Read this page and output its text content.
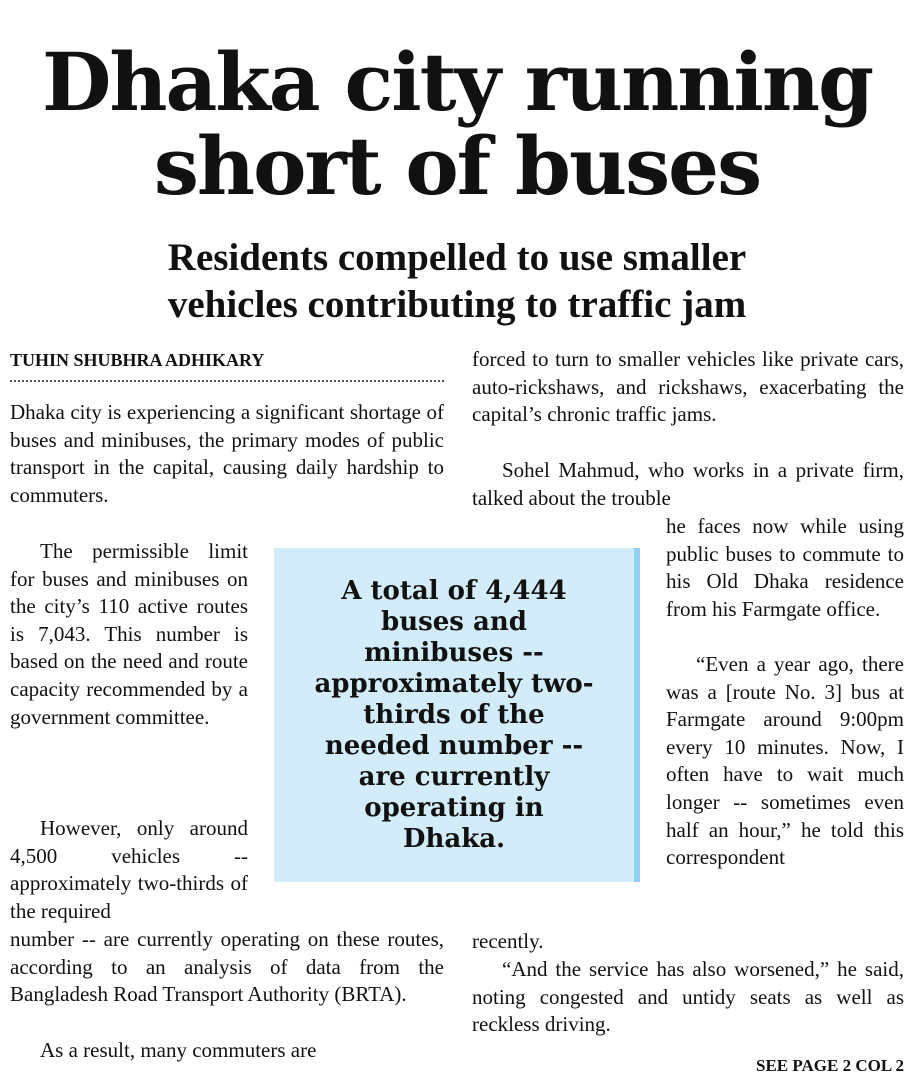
Dhaka city running
short of buses
Residents compelled to use smaller
vehicles contributing to traffic jam
TUHIN SHUBHRA ADHIKARY

Dhaka city is experiencing a significant shortage of buses and minibuses, the primary modes of public transport in the capital, causing daily hardship to commuters.

The permissible limit for buses and minibuses on the city’s 110 active routes is 7,043. This number is based on the need and route capacity recommended by a government committee.

However, only around 4,500 vehicles -- approximately two-thirds of the required

number -- are currently operating on these routes, according to an analysis of data from the Bangladesh Road Transport Authority (BRTA).

As a result, many commuters are

A total of 4,444 buses and minibuses -- approximately two-thirds of the needed number -- are currently operating in Dhaka.

forced to turn to smaller vehicles like private cars, auto-rickshaws, and rickshaws, exacerbating the capital’s chronic traffic jams.

Sohel Mahmud, who works in a private firm, talked about the trouble

he faces now while using public buses to commute to his Old Dhaka residence from his Farmgate office.

“Even a year ago, there was a [route No. 3] bus at Farmgate around 9:00pm every 10 minutes. Now, I often have to wait much longer -- sometimes even half an hour,” he told this correspondent

recently.

“And the service has also worsened,” he said, noting congested and untidy seats as well as reckless driving.

SEE PAGE 2 COL 2
